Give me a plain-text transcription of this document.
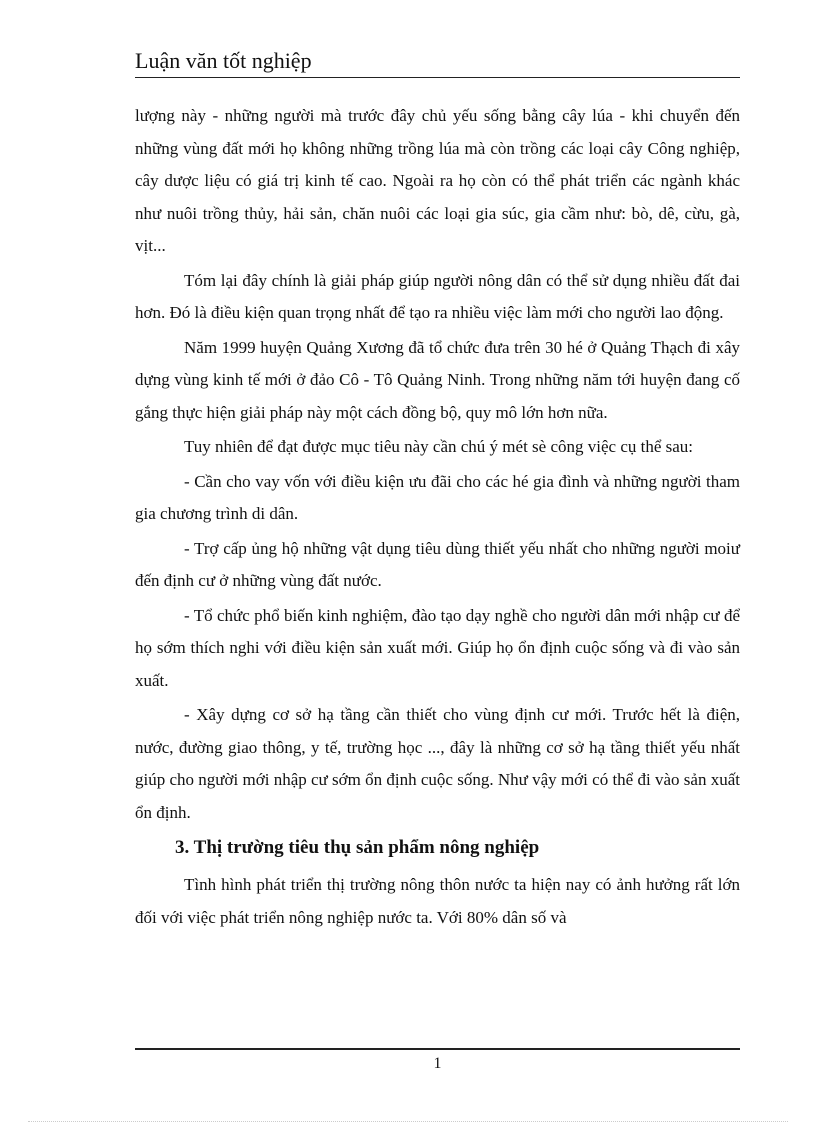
Luận văn tốt nghiệp

lượng này - những người mà trước đây chủ yếu sống bằng cây lúa - khi chuyển đến những vùng đất mới họ không những trồng lúa mà còn trồng các loại cây Công nghiệp, cây dược liệu có giá trị kinh tế cao. Ngoài ra họ còn có thể phát triển các ngành khác như nuôi trồng thủy, hải sản, chăn nuôi các loại gia súc, gia cầm như: bò, dê, cừu, gà, vịt...

Tóm lại đây chính là giải pháp giúp người nông dân có thể sử dụng nhiều đất đai hơn. Đó là điều kiện quan trọng nhất để tạo ra nhiều việc làm mới cho người lao động.

Năm 1999 huyện Quảng Xương đã tổ chức đưa trên 30 hé ở Quảng Thạch đi xây dựng vùng kinh tế mới ở đảo Cô - Tô Quảng Ninh. Trong những năm tới huyện đang cố gắng thực hiện giải pháp này một cách đồng bộ, quy mô lớn hơn nữa.

Tuy nhiên để đạt được mục tiêu này cần chú ý mét sè công việc cụ thể sau:

- Cần cho vay vốn với điều kiện ưu đãi cho các hé gia đình và những người tham gia chương trình di dân.

- Trợ cấp ủng hộ những vật dụng tiêu dùng thiết yếu nhất cho những người moiư đến định cư ở những vùng đất nước.

- Tổ chức phổ biến kinh nghiệm, đào tạo dạy nghề cho người dân mới nhập cư để họ sớm thích nghi với điều kiện sản xuất mới. Giúp họ ổn định cuộc sống và đi vào sản xuất.

- Xây dựng cơ sở hạ tầng cần thiết cho vùng định cư mới. Trước hết là điện, nước, đường giao thông, y tế, trường học ..., đây là những cơ sở hạ tầng thiết yếu nhất giúp cho người mới nhập cư sớm ổn định cuộc sống. Như vậy mới có thể đi vào sản xuất ổn định.

3. Thị trường tiêu thụ sản phẩm nông nghiệp

Tình hình phát triển thị trường nông thôn nước ta hiện nay có ảnh hưởng rất lớn đối với việc phát triển nông nghiệp nước ta. Với 80% dân số và

1
